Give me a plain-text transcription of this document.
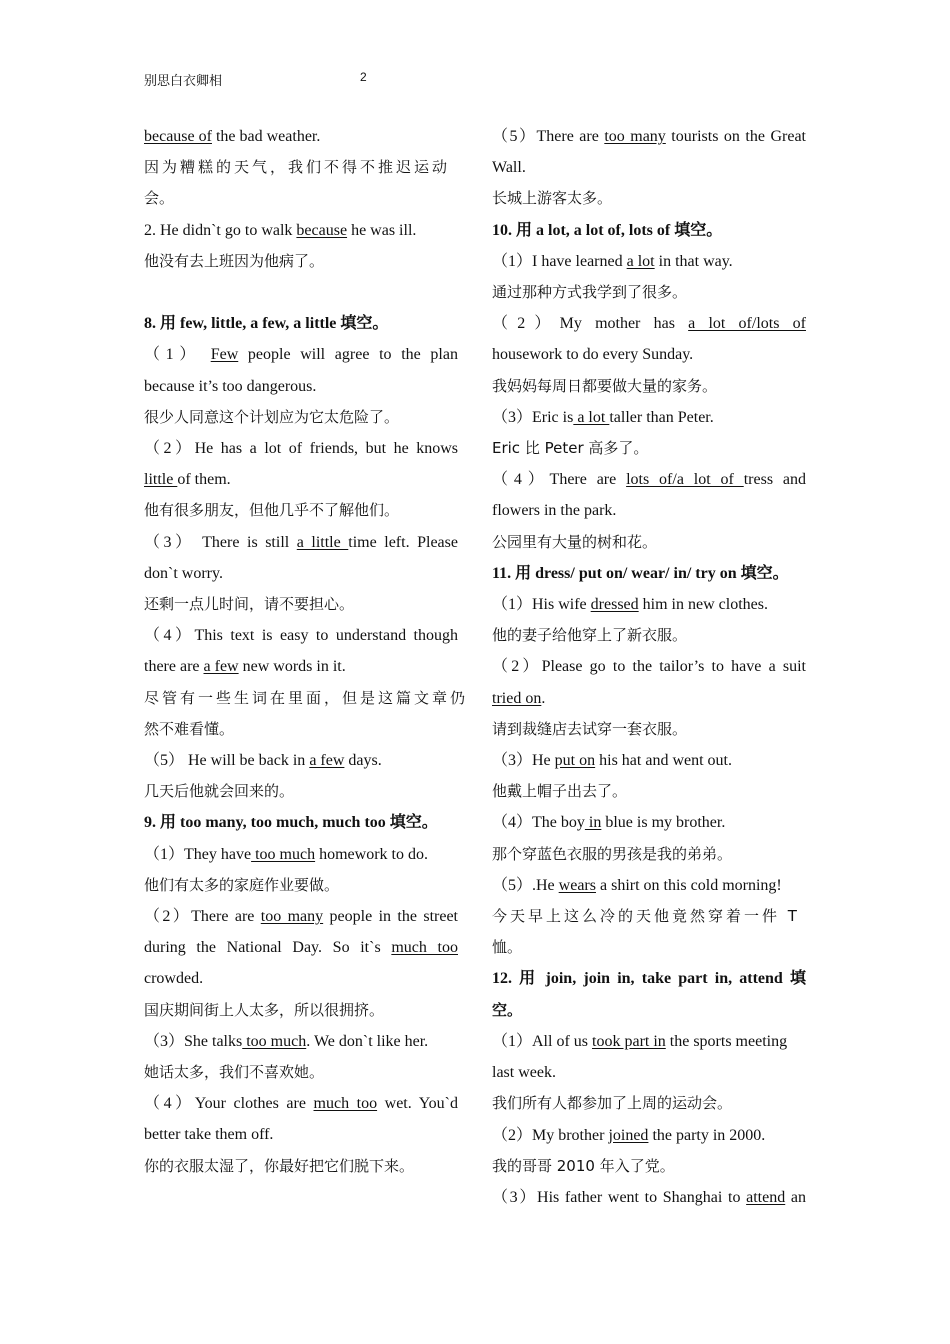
别思白衣卿相	2
because of the bad weather.
因为糟糕的天气，我们不得不推迟运动
会。
2. He didn`t go to walk because he was ill.
他没有去上班因为他病了。
8. 用 few, little, a few, a little 填空。
（1） Few people will agree to the plan
because it’s too dangerous.
很少人同意这个计划应为它太危险了。
（2）He has a lot of friends, but he knows
little of them.
他有很多朋友，但他几乎不了解他们。
（3） There is still a little time left. Please
don`t worry.
还剩一点儿时间，请不要担心。
（4）This text is easy to understand though
there are a few new words in it.
尽管有一些生词在里面，但是这篇文章仍
然不难看懂。
（5） He will be back in a few days.
几天后他就会回来的。
9. 用 too many, too much, much too 填空。
（1）They have too much homework to do.
他们有太多的家庭作业要做。
（2）There are too many people in the street
during the National Day. So it`s much too
crowded.
国庆期间街上人太多，所以很拥挤。
（3）She talks too much. We don`t like her.
她话太多，我们不喜欢她。
（4）Your clothes are much too wet. You`d
better take them off.
你的衣服太湿了，你最好把它们脱下来。
（5）There are too many tourists on the Great
Wall.
长城上游客太多。
10. 用 a lot, a lot of, lots of 填空。
（1）I have learned a lot in that way.
通过那种方式我学到了很多。
（2）My mother has a lot of/lots of
housework to do every Sunday.
我妈妈每周日都要做大量的家务。
（3）Eric is a lot taller than Peter.
Eric 比 Peter 高多了。
（4）There are lots of/a lot of tress and
flowers in the park.
公园里有大量的树和花。
11. 用 dress/ put on/ wear/ in/ try on 填空。
（1）His wife dressed him in new clothes.
他的妻子给他穿上了新衣服。
（2）Please go to the tailor’s to have a suit
tried on.
请到裁缝店去试穿一套衣服。
（3）He put on his hat and went out.
他戴上帽子出去了。
（4）The boy in blue is my brother.
那个穿蓝色衣服的男孩是我的弟弟。
（5）.He wears a shirt on this cold morning!
今天早上这么冷的天他竟然穿着一件 T
恤。
12. 用 join, join in, take part in, attend 填
空。
（1）All of us took part in the sports meeting
last week.
我们所有人都参加了上周的运动会。
（2）My brother joined the party in 2000.
我的哥哥 2010 年入了党。
（3）His father went to Shanghai to attend an
